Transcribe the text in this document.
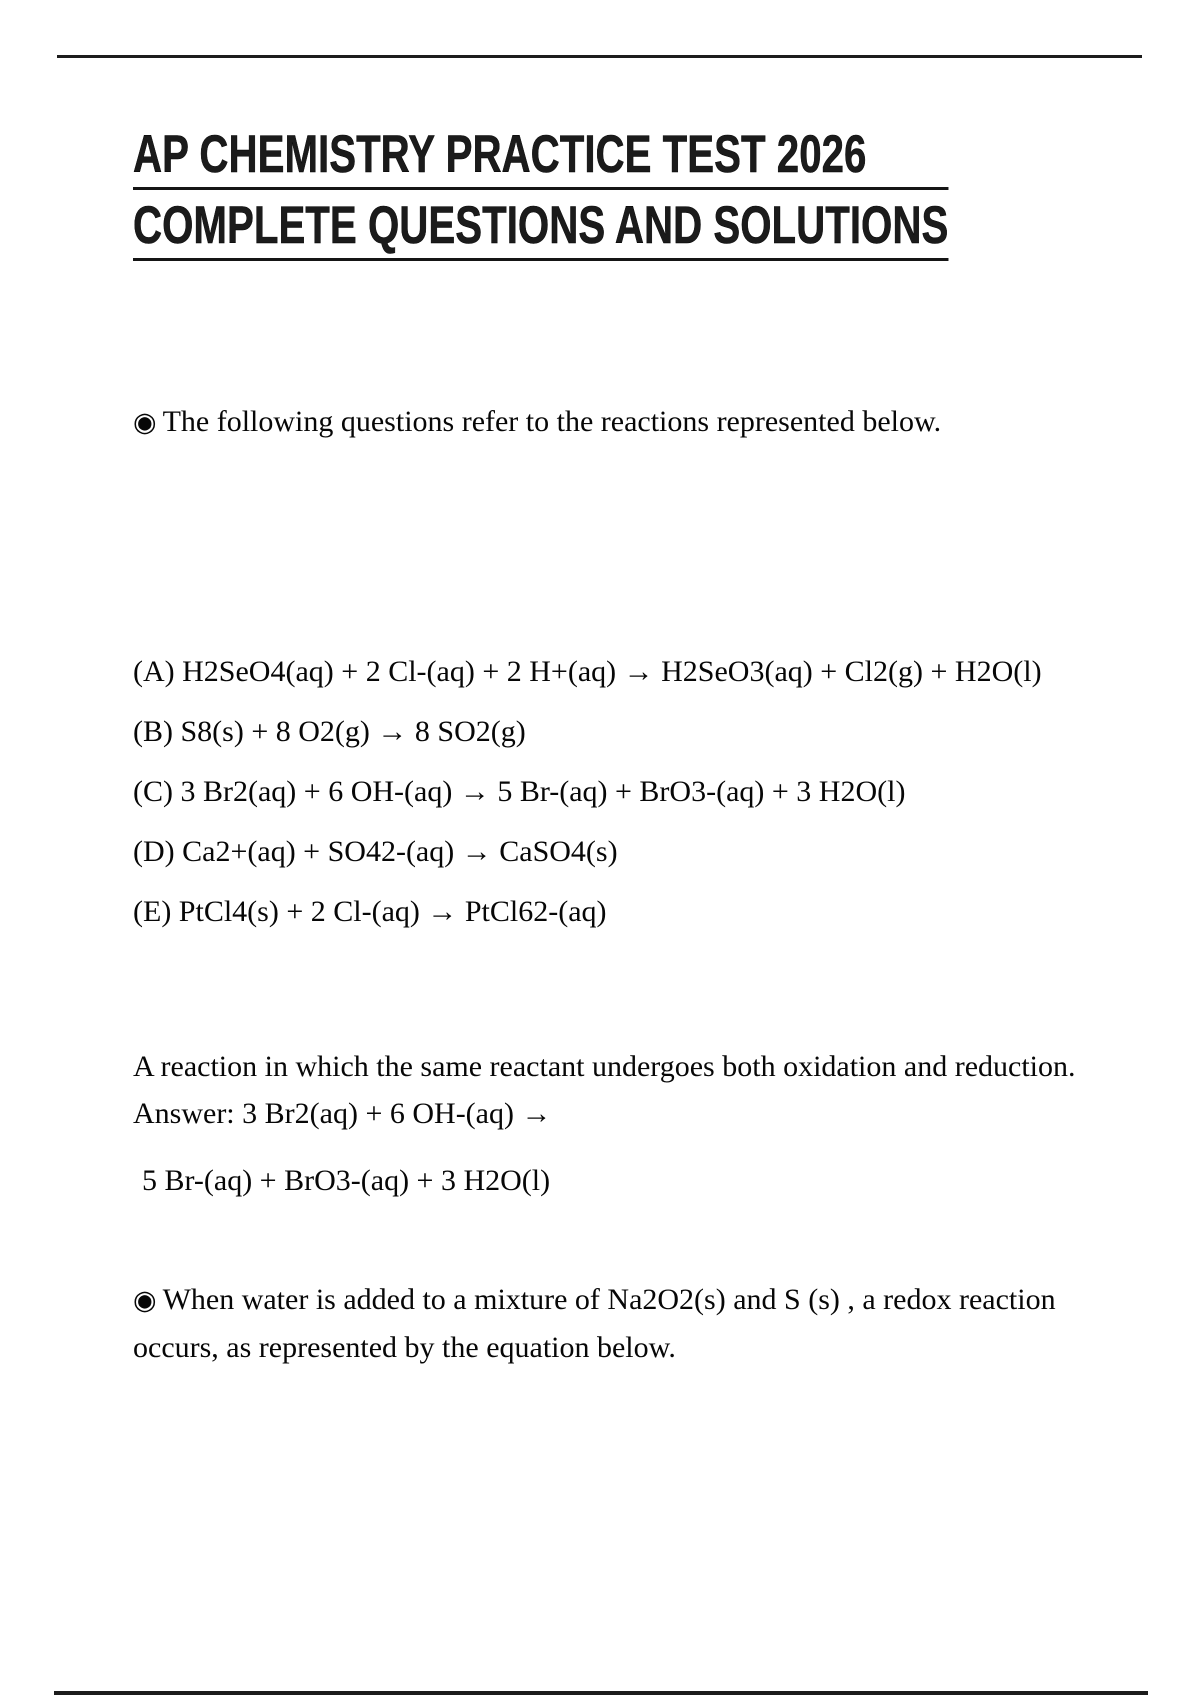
AP CHEMISTRY PRACTICE TEST 2026
COMPLETE QUESTIONS AND SOLUTIONS

◉ The following questions refer to the reactions represented below.

(A) H2SeO4(aq) + 2 Cl-(aq) + 2 H+(aq) → H2SeO3(aq) + Cl2(g) + H2O(l)

(B) S8(s) + 8 O2(g) → 8 SO2(g)

(C) 3 Br2(aq) + 6 OH-(aq) → 5 Br-(aq) + BrO3-(aq) + 3 H2O(l)

(D) Ca2+(aq) + SO42-(aq) → CaSO4(s)

(E) PtCl4(s) + 2 Cl-(aq) → PtCl62-(aq)

A reaction in which the same reactant undergoes both oxidation and reduction. Answer: 3 Br2(aq) + 6 OH-(aq) →

5 Br-(aq) + BrO3-(aq) + 3 H2O(l)

◉ When water is added to a mixture of Na2O2(s) and S (s) , a redox reaction occurs, as represented by the equation below.
